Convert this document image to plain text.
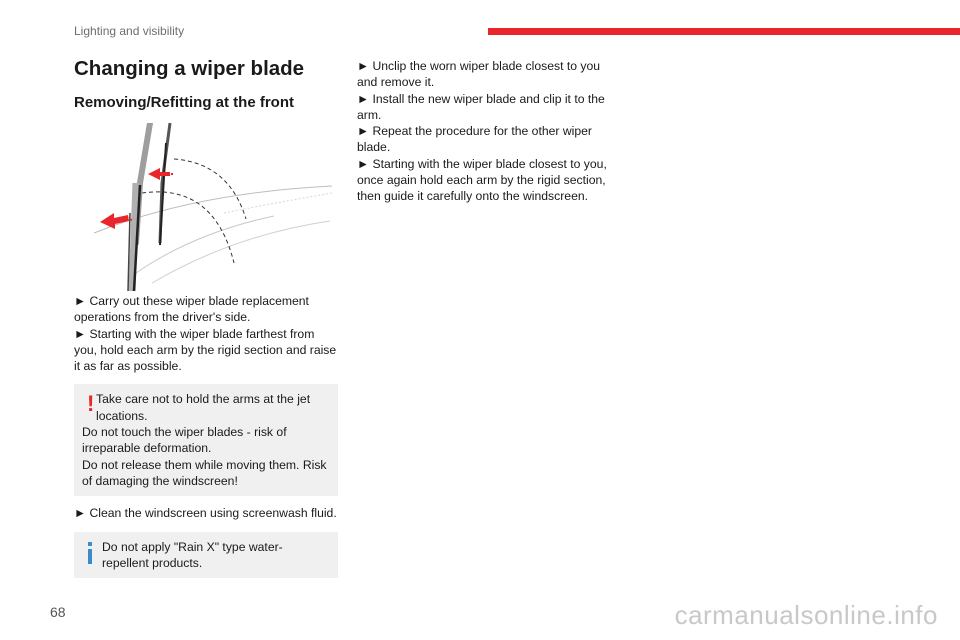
Lighting and visibility
Changing a wiper blade
Removing/Refitting at the front

► Carry out these wiper blade replacement operations from the driver's side.

► Starting with the wiper blade farthest from you, hold each arm by the rigid section and raise it as far as possible.

! Take care not to hold the arms at the jet locations.
Do not touch the wiper blades - risk of irreparable deformation.
Do not release them while moving them. Risk of damaging the windscreen!

► Clean the windscreen using screenwash fluid.

Do not apply "Rain X" type water-repellent products.

► Unclip the worn wiper blade closest to you and remove it.

► Install the new wiper blade and clip it to the arm.

► Repeat the procedure for the other wiper blade.

► Starting with the wiper blade closest to you, once again hold each arm by the rigid section, then guide it carefully onto the windscreen.

68	carmanualsonline.info
